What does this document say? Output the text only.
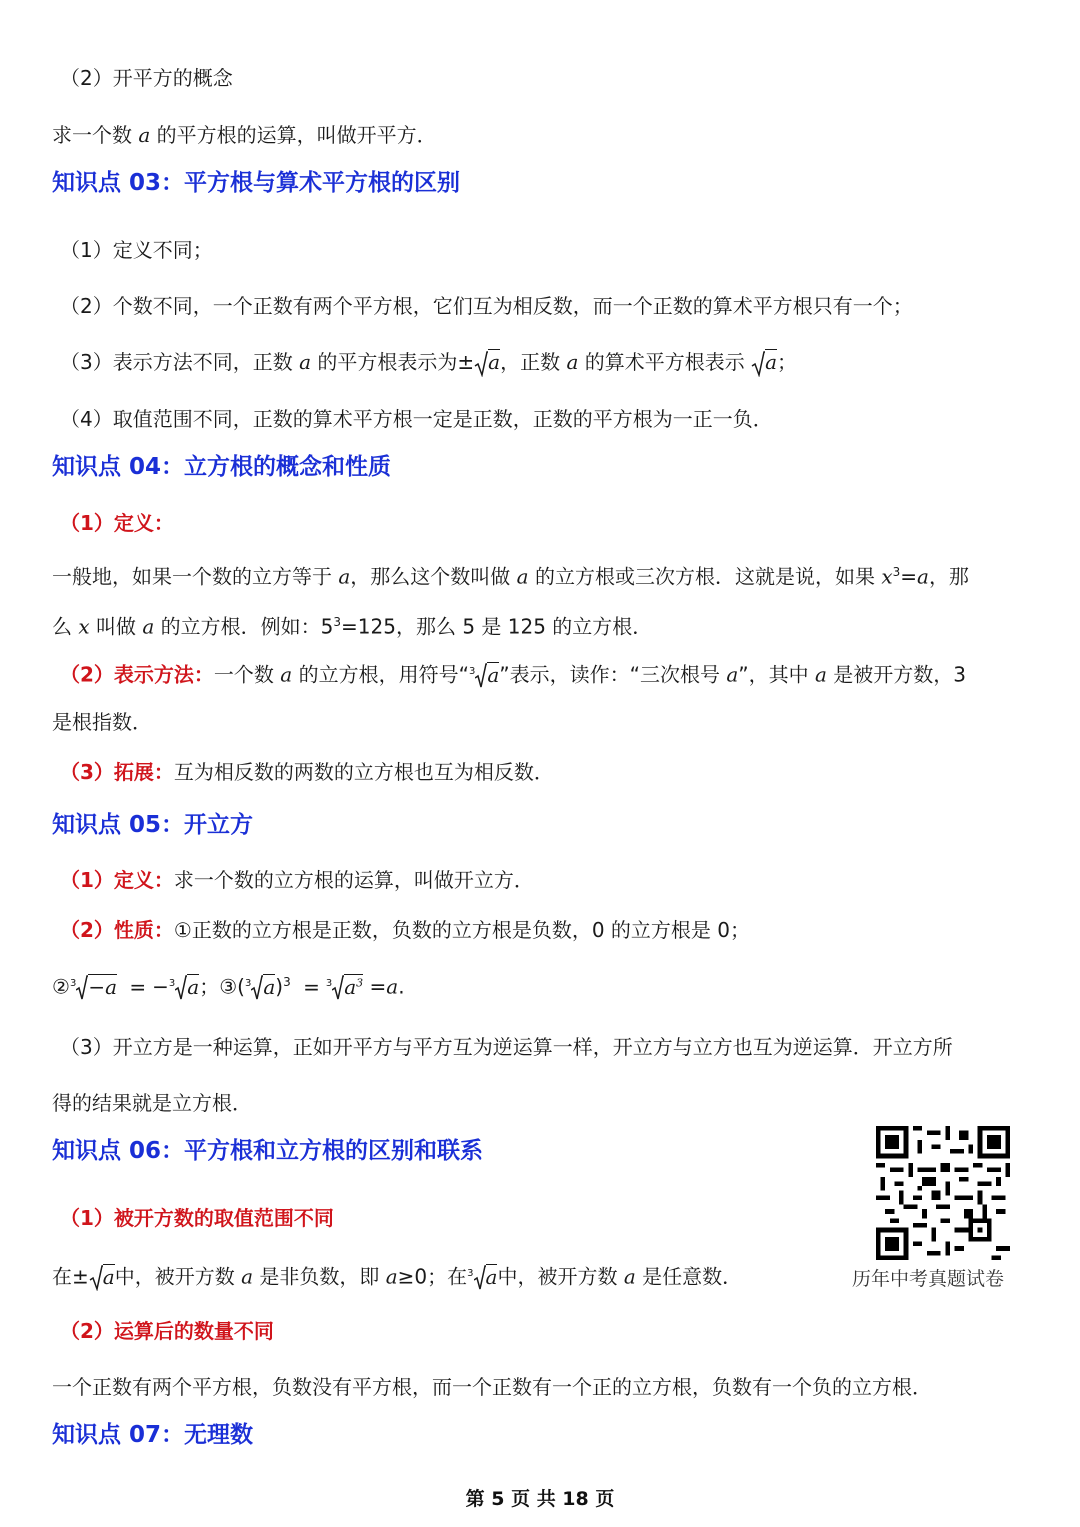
（2）开平方的概念
求一个数 a 的平方根的运算，叫做开平方．
知识点 03：平方根与算术平方根的区别
（1）定义不同；
（2）个数不同，一个正数有两个平方根，它们互为相反数，而一个正数的算术平方根只有一个；
（3）表示方法不同，正数 a 的平方根表示为± a，正数 a 的算术平方根表示 a；
（4）取值范围不同，正数的算术平方根一定是正数，正数的平方根为一正一负．
知识点 04：立方根的概念和性质
（1）定义：
一般地，如果一个数的立方等于 a，那么这个数叫做 a 的立方根或三次方根．这就是说，如果 $x^3=a$，那
么 x 叫做 a 的立方根．例如：$5^3=125$，那么 5 是 125 的立方根．
（2）表示方法：一个数 a 的立方根，用符号“$^3$ a”表示，读作：“三次根号 a”，其中 a 是被开方数，3
是根指数．
（3）拓展：互为相反数的两数的立方根也互为相反数．
知识点 05：开立方
（1）定义：求一个数的立方根的运算，叫做开立方．
（2）性质：①正数的立方根是正数，负数的立方根是负数，0 的立方根是 0；
②$^3$ −a = −$^3$ a；③($^3$ a)$^3$ = $^3$ $a^3 =a$.
（3）开立方是一种运算，正如开平方与平方互为逆运算一样，开立方与立方也互为逆运算．开立方所
得的结果就是立方根．
知识点 06：平方根和立方根的区别和联系
（1）被开方数的取值范围不同
在± a中，被开方数 a 是非负数，即 a≥0；在$^3$ a中，被开方数 a 是任意数．
（2）运算后的数量不同
一个正数有两个平方根，负数没有平方根，而一个正数有一个正的立方根，负数有一个负的立方根．
知识点 07：无理数
历年中考真题试卷
第 5 页 共 18 页
